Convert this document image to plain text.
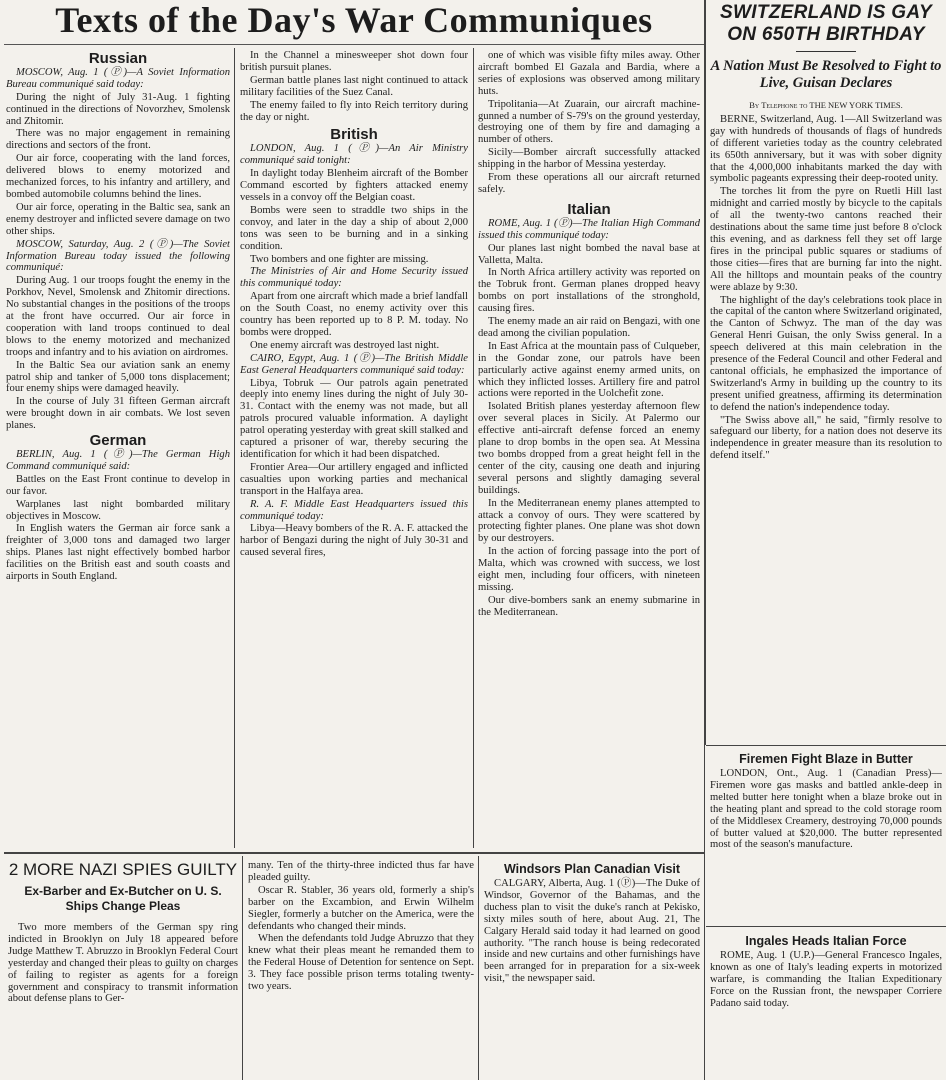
Texts of the Day's War Communiques
Russian

MOSCOW, Aug. 1 (Ⓟ)—A Soviet Information Bureau communiqué said today:

During the night of July 31-Aug. 1 fighting continued in the directions of Novorzhev, Smolensk and Zhitomir.

There was no major engagement in remaining directions and sectors of the front.

Our air force, cooperating with the land forces, delivered blows to enemy motorized and mechanized forces, to his infantry and artillery, and bombed automobile columns behind the lines.

Our air force, operating in the Baltic sea, sank an enemy destroyer and inflicted severe damage on two other ships.

MOSCOW, Saturday, Aug. 2 (Ⓟ)—The Soviet Information Bureau today issued the following communiqué:

During Aug. 1 our troops fought the enemy in the Porkhov, Nevel, Smolensk and Zhitomir directions. No substantial changes in the positions of the troops at the front have occurred. Our air force in cooperation with land troops continued to deal blows to the enemy motorized and mechanized troops and infantry and to his aviation on airdromes.

In the Baltic Sea our aviation sank an enemy patrol ship and tanker of 5,000 tons displacement; four enemy ships were damaged heavily.

In the course of July 31 fifteen German aircraft were brought down in air combats. We lost seven planes.

German

BERLIN, Aug. 1 (Ⓟ)—The German High Command communiqué said:

Battles on the East Front continue to develop in our favor.

Warplanes last night bombarded military objectives in Moscow.

In English waters the German air force sank a freighter of 3,000 tons and damaged two larger ships. Planes last night effectively bombed harbor facilities on the British east and south coasts and airports in South England.

In the Channel a minesweeper shot down four british pursuit planes.

German battle planes last night continued to attack military facilities of the Suez Canal.

The enemy failed to fly into Reich territory during the day or night.

British

LONDON, Aug. 1 (Ⓟ)—An Air Ministry communiqué said tonight:

In daylight today Blenheim aircraft of the Bomber Command escorted by fighters attacked enemy vessels in a convoy off the Belgian coast.

Bombs were seen to straddle two ships in the convoy, and later in the day a ship of about 2,000 tons was seen to be burning and in a sinking condition.

Two bombers and one fighter are missing.

The Ministries of Air and Home Security issued this communiqué today:

Apart from one aircraft which made a brief landfall on the South Coast, no enemy activity over this country has been reported up to 8 P. M. today. No bombs were dropped.

One enemy aircraft was destroyed last night.

CAIRO, Egypt, Aug. 1 (Ⓟ)—The British Middle East General Headquarters communiqué said today:

Libya, Tobruk — Our patrols again penetrated deeply into enemy lines during the night of July 30-31. Contact with the enemy was not made, but all patrols procured valuable information. A daylight patrol operating yesterday with great skill stalked and captured a prisoner of war, thereby securing the identification for which it had been dispatched.

Frontier Area—Our artillery engaged and inflicted casualties upon working parties and mechanical transport in the Halfaya area.

R. A. F. Middle East Headquarters issued this communiqué today:

Libya—Heavy bombers of the R. A. F. attacked the harbor of Bengazi during the night of July 30-31 and caused several fires,

one of which was visible fifty miles away. Other aircraft bombed El Gazala and Bardia, where a series of explosions was observed among military huts.

Tripolitania—At Zuarain, our aircraft machine-gunned a number of S-79's on the ground yesterday, destroying one of them by fire and damaging a number of others.

Sicily—Bomber aircraft successfully attacked shipping in the harbor of Messina yesterday.

From these operations all our aircraft returned safely.

Italian

ROME, Aug. 1 (Ⓟ)—The Italian High Command issued this communiqué today:

Our planes last night bombed the naval base at Valletta, Malta.

In North Africa artillery activity was reported on the Tobruk front. German planes dropped heavy bombs on port installations of the stronghold, causing fires.

The enemy made an air raid on Bengazi, with one dead among the civilian population.

In East Africa at the mountain pass of Culqueber, in the Gondar zone, our patrols have been particularly active against enemy armed units, on which they inflicted losses. Artillery fire and patrol actions were reported in the Uolchefit zone.

Isolated British planes yesterday afternoon flew over several places in Sicily. At Palermo our effective anti-aircraft defense forced an enemy plane to drop bombs in the open sea. At Messina two bombs dropped from a great height fell in the center of the city, causing one death and injuring several persons and slightly damaging several buildings.

In the Mediterranean enemy planes attempted to attack a convoy of ours. They were scattered by protecting fighter planes. One plane was shot down by our destroyers.

In the action of forcing passage into the port of Malta, which was crowned with success, we lost eight men, including four officers, with nineteen missing.

Our dive-bombers sank an enemy submarine in the Mediterranean.

SWITZERLAND IS GAY ON 650TH BIRTHDAY
A Nation Must Be Resolved to Fight to Live, Guisan Declares
By Telephone to THE NEW YORK TIMES.

BERNE, Switzerland, Aug. 1—All Switzerland was gay with hundreds of thousands of flags of hundreds of different varieties today as the country celebrated its 650th anniversary, but it was with sober dignity that the 4,000,000 inhabitants marked the day with symbolic pageants expressing their deep-rooted unity.

The torches lit from the pyre on Ruetli Hill last midnight and carried mostly by bicycle to the capitals of all the twenty-two cantons reached their destinations about the same time just before 8 o'clock this evening, and as darkness fell they set off large fires in the principal public squares or stadiums of those cities—fires that are burning far into the night. All the hilltops and mountain peaks of the country were ablaze by 9:30.

The highlight of the day's celebrations took place in the capital of the canton where Switzerland originated, the Canton of Schwyz. The man of the day was General Henri Guisan, the only Swiss general. In a speech delivered at this main celebration in the presence of the Federal Council and other Federal and cantonal officials, he emphasized the importance of Switzerland's Army in building up the country to its present unified greatness, affirming its determination to defend the nation's independence today.

"The Swiss above all," he said, "firmly resolve to safeguard our liberty, for a nation does not deserve its independence in greater measure than its resolution to defend itself."

Firemen Fight Blaze in Butter

LONDON, Ont., Aug. 1 (Canadian Press)—Firemen wore gas masks and battled ankle-deep in melted butter here tonight when a blaze broke out in the heating plant and spread to the cold storage room of the Middlesex Creamery, destroying 70,000 pounds of butter valued at $20,000. The butter represented most of the season's manufacture.

Ingales Heads Italian Force

ROME, Aug. 1 (U.P.)—General Francesco Ingales, known as one of Italy's leading experts in motorized warfare, is commanding the Italian Expeditionary Force on the Russian front, the newspaper Corriere Padano said today.

2 MORE NAZI SPIES GUILTY
Ex-Barber and Ex-Butcher on U. S. Ships Change Pleas

Two more members of the German spy ring indicted in Brooklyn on July 18 appeared before Judge Matthew T. Abruzzo in Brooklyn Federal Court yesterday and changed their pleas to guilty on charges of failing to register as agents for a foreign government and conspiracy to transmit information about defense plans to Ger-

many. Ten of the thirty-three indicted thus far have pleaded guilty.

Oscar R. Stabler, 36 years old, formerly a ship's barber on the Excambion, and Erwin Wilhelm Siegler, formerly a butcher on the America, were the defendants who changed their minds.

When the defendants told Judge Abruzzo that they knew what their pleas meant he remanded them to the Federal House of Detention for sentence on Sept. 3. They face possible prison terms totaling twenty-two years.

Windsors Plan Canadian Visit

CALGARY, Alberta, Aug. 1 (Ⓟ)—The Duke of Windsor, Governor of the Bahamas, and the duchess plan to visit the duke's ranch at Pekisko, sixty miles south of here, about Aug. 21, The Calgary Herald said today it had learned on good authority. "The ranch house is being redecorated inside and new curtains and other furnishings have been arranged for in preparation for a six-week visit," the newspaper said.
